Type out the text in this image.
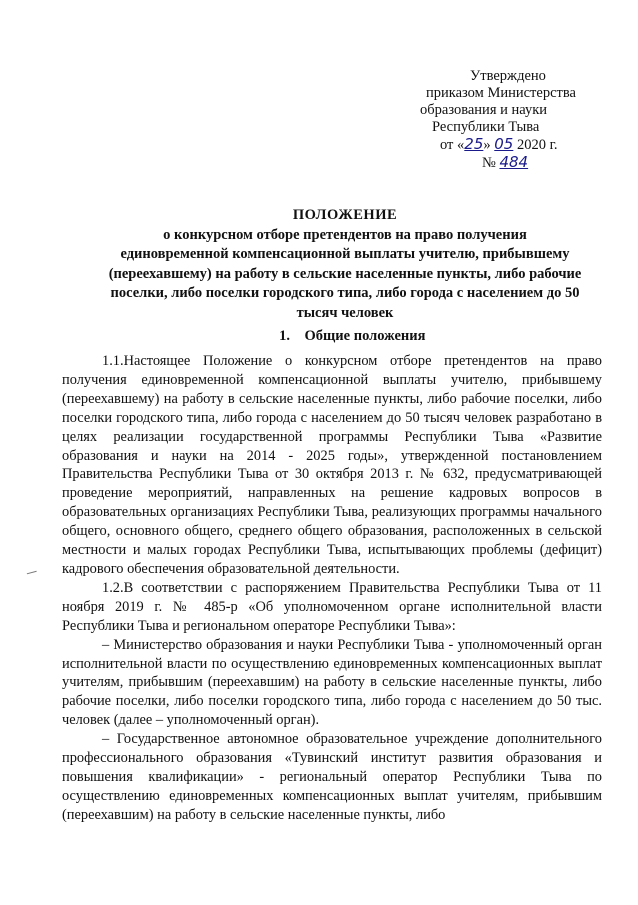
Утверждено
приказом Министерства
образования и науки
Республики Тыва
от «25» 05 2020 г.
№ 484
ПОЛОЖЕНИЕ
о конкурсном отборе претендентов на право получения
единовременной компенсационной выплаты учителю, прибывшему
(переехавшему) на работу в сельские населенные пункты, либо рабочие
поселки, либо поселки городского типа, либо города с населением до 50
тысяч человек
1. Общие положения

1.1.Настоящее Положение о конкурсном отборе претендентов на право получения единовременной компенсационной выплаты учителю, прибывшему (переехавшему) на работу в сельские населенные пункты, либо рабочие поселки, либо поселки городского типа, либо города с населением до 50 тысяч человек разработано в целях реализации государственной программы Республики Тыва «Развитие образования и науки на 2014 - 2025 годы», утвержденной постановлением Правительства Республики Тыва от 30 октября 2013 г. № 632, предусматривающей проведение мероприятий, направленных на решение кадровых вопросов в образовательных организациях Республики Тыва, реализующих программы начального общего, основного общего, среднего общего образования, расположенных в сельской местности и малых городах Республики Тыва, испытывающих проблемы (дефицит) кадрового обеспечения образовательной деятельности.

1.2.В соответствии с распоряжением Правительства Республики Тыва от 11 ноября 2019 г. № 485-р «Об уполномоченном органе исполнительной власти Республики Тыва и региональном операторе Республики Тыва»:

– Министерство образования и науки Республики Тыва - уполномоченный орган исполнительной власти по осуществлению единовременных компенсационных выплат учителям, прибывшим (переехавшим) на работу в сельские населенные пункты, либо рабочие поселки, либо поселки городского типа, либо города с населением до 50 тыс. человек (далее – уполномоченный орган).

– Государственное автономное образовательное учреждение дополнительного профессионального образования «Тувинский институт развития образования и повышения квалификации» - региональный оператор Республики Тыва по осуществлению единовременных компенсационных выплат учителям, прибывшим (переехавшим) на работу в сельские населенные пункты, либо
